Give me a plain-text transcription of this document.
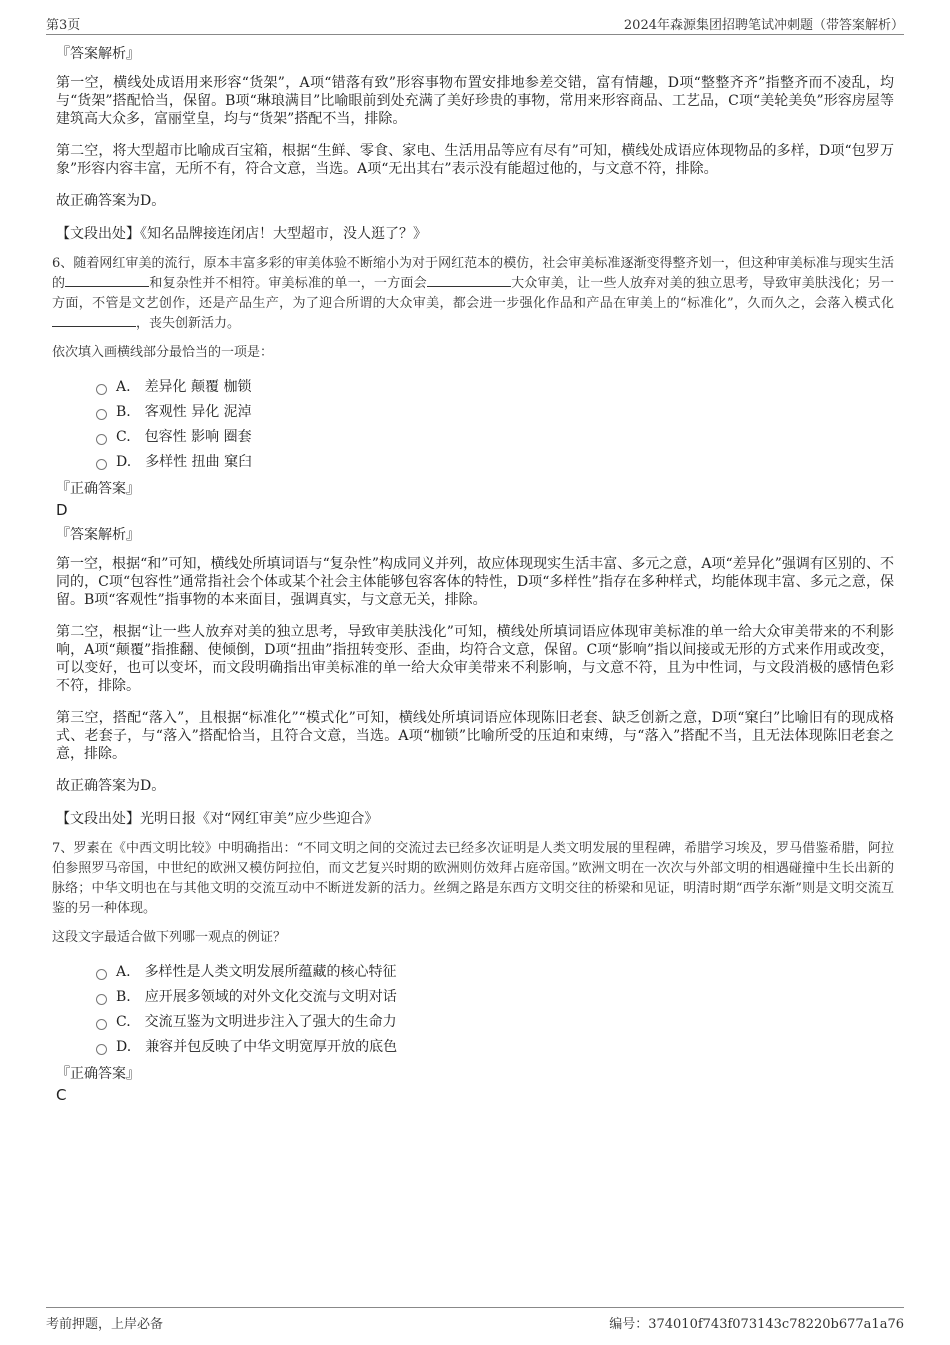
第3页	2024年森源集团招聘笔试冲刺题（带答案解析）
『答案解析』

第一空，横线处成语用来形容“货架”，A项“错落有致”形容事物布置安排地参差交错，富有情趣，D项“整整齐齐”指整齐而不凌乱，均与“货架”搭配恰当，保留。B项“琳琅满目”比喻眼前到处充满了美好珍贵的事物，常用来形容商品、工艺品，C项“美轮美奂”形容房屋等建筑高大众多，富丽堂皇，均与“货架”搭配不当，排除。

第二空，将大型超市比喻成百宝箱，根据“生鲜、零食、家电、生活用品等应有尽有”可知，横线处成语应体现物品的多样，D项“包罗万象”形容内容丰富，无所不有，符合文意，当选。A项“无出其右”表示没有能超过他的，与文意不符，排除。

故正确答案为D。

【文段出处】《知名品牌接连闭店！大型超市，没人逛了？》

6、随着网红审美的流行，原本丰富多彩的审美体验不断缩小为对于网红范本的模仿，社会审美标准逐渐变得整齐划一，但这种审美标准与现实生活的	和复杂性并不相符。审美标准的单一，一方面会	大众审美，让一些人放弃对美的独立思考，导致审美肤浅化；另一方面，不管是文艺创作，还是产品生产，为了迎合所谓的大众审美，都会进一步强化作品和产品在审美上的“标准化”，久而久之，会落入模式化，丧失创新活力。

依次填入画横线部分最恰当的一项是：

A. 差异化 颠覆 枷锁
B. 客观性 异化 泥淖
C. 包容性 影响 圈套
D. 多样性 扭曲 窠臼
『正确答案』
D
『答案解析』

第一空，根据“和”可知，横线处所填词语与“复杂性”构成同义并列，故应体现现实生活丰富、多元之意，A项“差异化”强调有区别的、不同的，C项“包容性”通常指社会个体或某个社会主体能够包容客体的特性，D项“多样性”指存在多种样式，均能体现丰富、多元之意，保留。B项“客观性”指事物的本来面目，强调真实，与文意无关，排除。

第二空，根据“让一些人放弃对美的独立思考，导致审美肤浅化”可知，横线处所填词语应体现审美标准的单一给大众审美带来的不利影响，A项“颠覆”指推翻、使倾倒，D项“扭曲”指扭转变形、歪曲，均符合文意，保留。C项“影响”指以间接或无形的方式来作用或改变，可以变好，也可以变坏，而文段明确指出审美标准的单一给大众审美带来不利影响，与文意不符，且为中性词，与文段消极的感情色彩不符，排除。

第三空，搭配“落入”，且根据“标准化”“模式化”可知，横线处所填词语应体现陈旧老套、缺乏创新之意，D项“窠臼”比喻旧有的现成格式、老套子，与“落入”搭配恰当，且符合文意，当选。A项“枷锁”比喻所受的压迫和束缚，与“落入”搭配不当，且无法体现陈旧老套之意，排除。

故正确答案为D。

【文段出处】光明日报《对“网红审美”应少些迎合》

7、罗素在《中西文明比较》中明确指出：“不同文明之间的交流过去已经多次证明是人类文明发展的里程碑，希腊学习埃及，罗马借鉴希腊，阿拉伯参照罗马帝国，中世纪的欧洲又模仿阿拉伯，而文艺复兴时期的欧洲则仿效拜占庭帝国。”欧洲文明在一次次与外部文明的相遇碰撞中生长出新的脉络；中华文明也在与其他文明的交流互动中不断迸发新的活力。丝绸之路是东西方文明交往的桥梁和见证，明清时期“西学东渐”则是文明交流互鉴的另一种体现。

这段文字最适合做下列哪一观点的例证？

A. 多样性是人类文明发展所蕴藏的核心特征
B. 应开展多领域的对外文化交流与文明对话
C. 交流互鉴为文明进步注入了强大的生命力
D. 兼容并包反映了中华文明宽厚开放的底色
『正确答案』
C
考前押题，上岸必备	编号：374010f743f073143c78220b677a1a76
